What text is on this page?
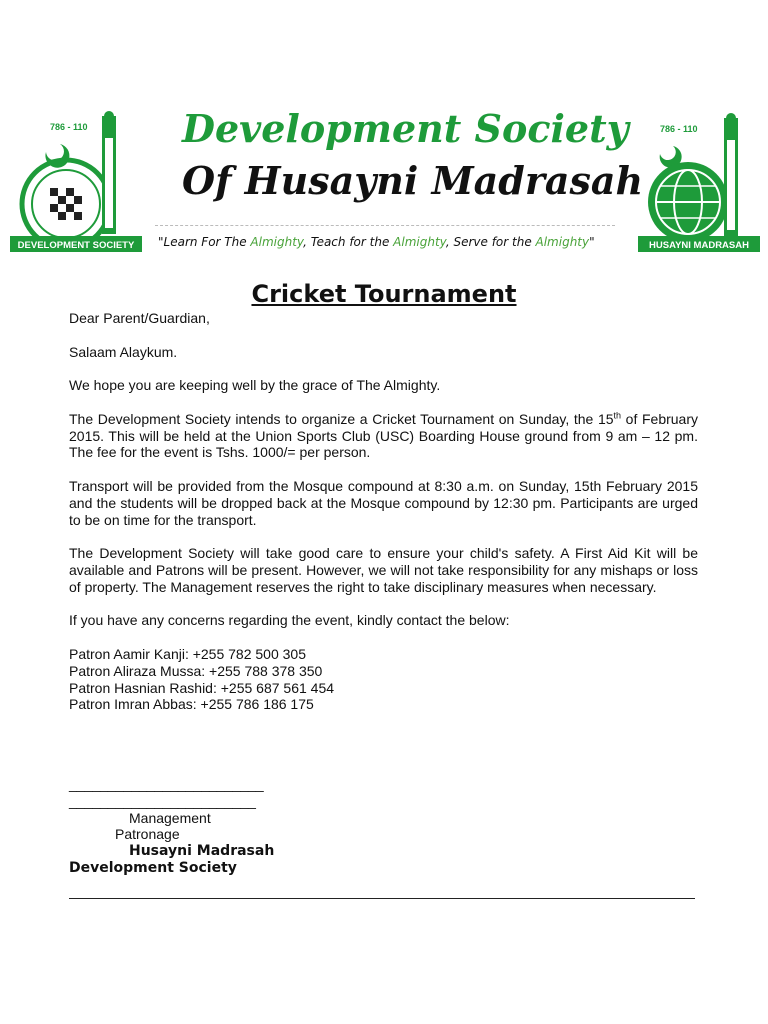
786 - 110
DEVELOPMENT SOCIETY
Development Society
Of Husayni Madrasah
"Learn For The Almighty, Teach for the Almighty, Serve for the Almighty"
786 - 110
HUSAYNI MADRASAH
Cricket Tournament

Dear Parent/Guardian,

Salaam Alaykum.

We hope you are keeping well by the grace of The Almighty.

The Development Society intends to organize a Cricket Tournament on Sunday, the 15th of February 2015. This will be held at the Union Sports Club (USC) Boarding House ground from 9 am – 12 pm. The fee for the event is Tshs. 1000/= per person.

Transport will be provided from the Mosque compound at 8:30 a.m. on Sunday, 15th February 2015 and the students will be dropped back at the Mosque compound by 12:30 pm. Participants are urged to be on time for the transport.

The Development Society will take good care to ensure your child's safety. A First Aid Kit will be available and Patrons will be present. However, we will not take responsibility for any mishaps or loss of property. The Management reserves the right to take disciplinary measures when necessary.

If you have any concerns regarding the event, kindly contact the below:

Patron Aamir Kanji: +255 782 500 305
Patron Aliraza Mussa: +255 788 378 350
Patron Hasnian Rashid: +255 687 561 454
Patron Imran Abbas: +255 786 186 175
_________________________
________________________
Management
Patronage
Husayni Madrasah
Development Society
